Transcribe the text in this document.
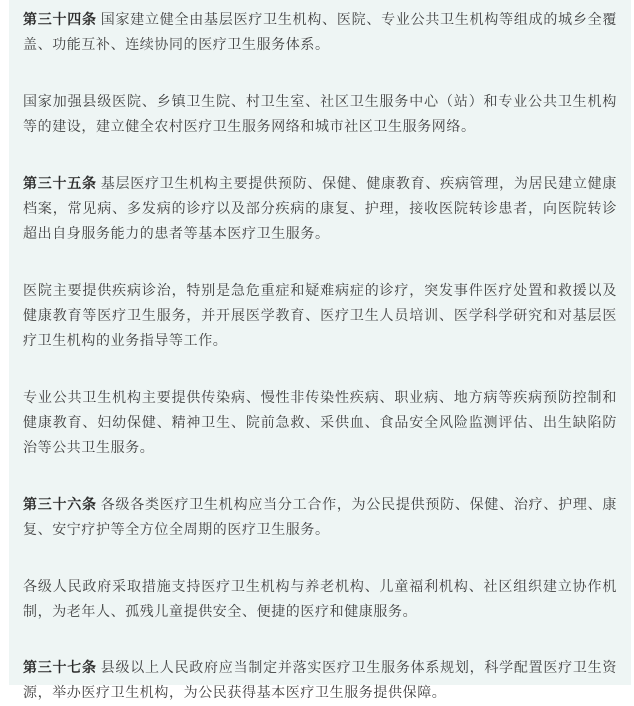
第三十四条 国家建立健全由基层医疗卫生机构、医院、专业公共卫生机构等组成的城乡全覆盖、功能互补、连续协同的医疗卫生服务体系。

国家加强县级医院、乡镇卫生院、村卫生室、社区卫生服务中心（站）和专业公共卫生机构等的建设，建立健全农村医疗卫生服务网络和城市社区卫生服务网络。

第三十五条 基层医疗卫生机构主要提供预防、保健、健康教育、疾病管理，为居民建立健康档案，常见病、多发病的诊疗以及部分疾病的康复、护理，接收医院转诊患者，向医院转诊超出自身服务能力的患者等基本医疗卫生服务。

医院主要提供疾病诊治，特别是急危重症和疑难病症的诊疗，突发事件医疗处置和救援以及健康教育等医疗卫生服务，并开展医学教育、医疗卫生人员培训、医学科学研究和对基层医疗卫生机构的业务指导等工作。

专业公共卫生机构主要提供传染病、慢性非传染性疾病、职业病、地方病等疾病预防控制和健康教育、妇幼保健、精神卫生、院前急救、采供血、食品安全风险监测评估、出生缺陷防治等公共卫生服务。

第三十六条 各级各类医疗卫生机构应当分工合作，为公民提供预防、保健、治疗、护理、康复、安宁疗护等全方位全周期的医疗卫生服务。

各级人民政府采取措施支持医疗卫生机构与养老机构、儿童福利机构、社区组织建立协作机制，为老年人、孤残儿童提供安全、便捷的医疗和健康服务。

第三十七条 县级以上人民政府应当制定并落实医疗卫生服务体系规划，科学配置医疗卫生资源，举办医疗卫生机构，为公民获得基本医疗卫生服务提供保障。
